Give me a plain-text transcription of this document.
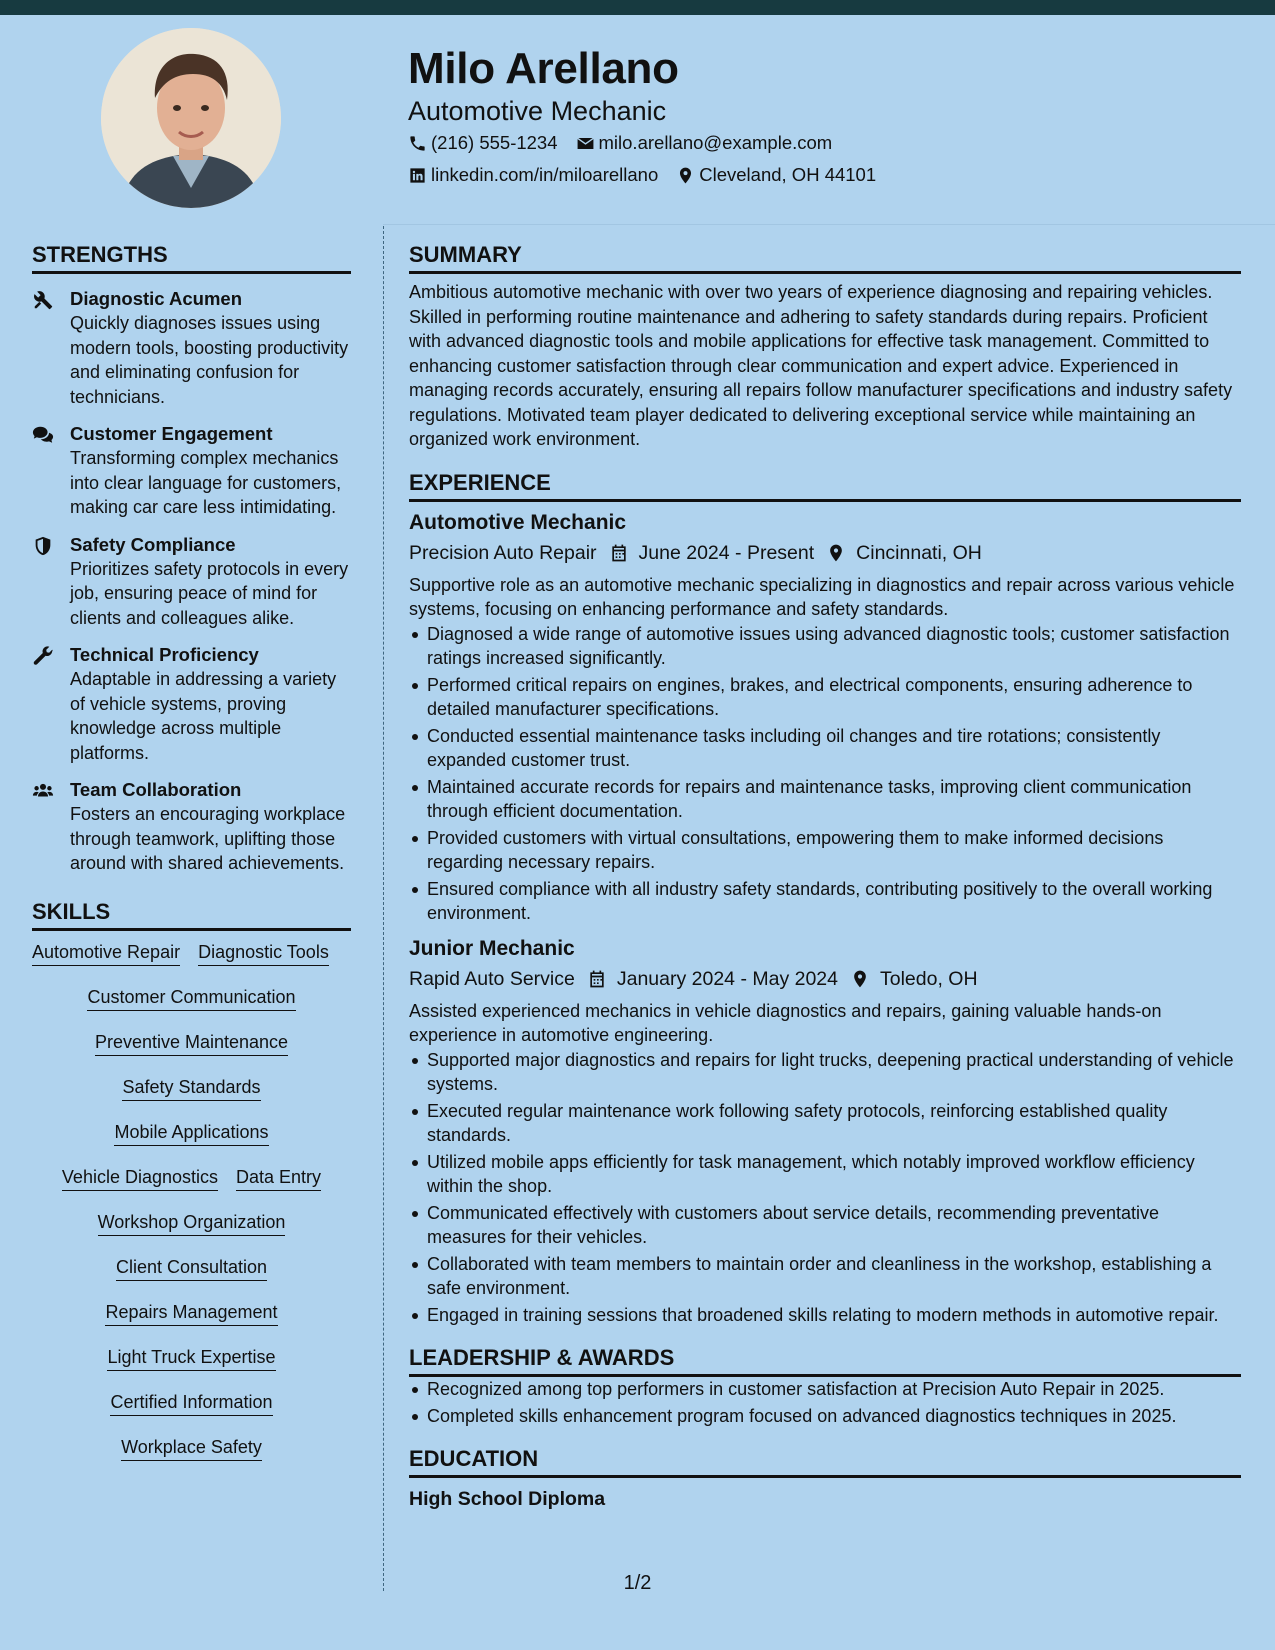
Milo Arellano
Automotive Mechanic
(216) 555-1234 milo.arellano@example.com
linkedin.com/in/miloarellano Cleveland, OH 44101
STRENGTHS
Diagnostic Acumen
Quickly diagnoses issues using modern tools, boosting productivity and eliminating confusion for technicians.
Customer Engagement
Transforming complex mechanics into clear language for customers, making car care less intimidating.
Safety Compliance
Prioritizes safety protocols in every job, ensuring peace of mind for clients and colleagues alike.
Technical Proficiency
Adaptable in addressing a variety of vehicle systems, proving knowledge across multiple platforms.
Team Collaboration
Fosters an encouraging workplace through teamwork, uplifting those around with shared achievements.
SKILLS
Automotive Repair Diagnostic Tools
Customer Communication
Preventive Maintenance
Safety Standards
Mobile Applications
Vehicle Diagnostics Data Entry
Workshop Organization
Client Consultation
Repairs Management
Light Truck Expertise
Certified Information
Workplace Safety
SUMMARY
Ambitious automotive mechanic with over two years of experience diagnosing and repairing vehicles. Skilled in performing routine maintenance and adhering to safety standards during repairs. Proficient with advanced diagnostic tools and mobile applications for effective task management. Committed to enhancing customer satisfaction through clear communication and expert advice. Experienced in managing records accurately, ensuring all repairs follow manufacturer specifications and industry safety regulations. Motivated team player dedicated to delivering exceptional service while maintaining an organized work environment.
EXPERIENCE
Automotive Mechanic
Precision Auto Repair June 2024 - Present Cincinnati, OH
Supportive role as an automotive mechanic specializing in diagnostics and repair across various vehicle systems, focusing on enhancing performance and safety standards.
Diagnosed a wide range of automotive issues using advanced diagnostic tools; customer satisfaction ratings increased significantly.
Performed critical repairs on engines, brakes, and electrical components, ensuring adherence to detailed manufacturer specifications.
Conducted essential maintenance tasks including oil changes and tire rotations; consistently expanded customer trust.
Maintained accurate records for repairs and maintenance tasks, improving client communication through efficient documentation.
Provided customers with virtual consultations, empowering them to make informed decisions regarding necessary repairs.
Ensured compliance with all industry safety standards, contributing positively to the overall working environment.
Junior Mechanic
Rapid Auto Service January 2024 - May 2024 Toledo, OH
Assisted experienced mechanics in vehicle diagnostics and repairs, gaining valuable hands-on experience in automotive engineering.
Supported major diagnostics and repairs for light trucks, deepening practical understanding of vehicle systems.
Executed regular maintenance work following safety protocols, reinforcing established quality standards.
Utilized mobile apps efficiently for task management, which notably improved workflow efficiency within the shop.
Communicated effectively with customers about service details, recommending preventative measures for their vehicles.
Collaborated with team members to maintain order and cleanliness in the workshop, establishing a safe environment.
Engaged in training sessions that broadened skills relating to modern methods in automotive repair.
LEADERSHIP & AWARDS
Recognized among top performers in customer satisfaction at Precision Auto Repair in 2025.
Completed skills enhancement program focused on advanced diagnostics techniques in 2025.
EDUCATION
High School Diploma
1/2
